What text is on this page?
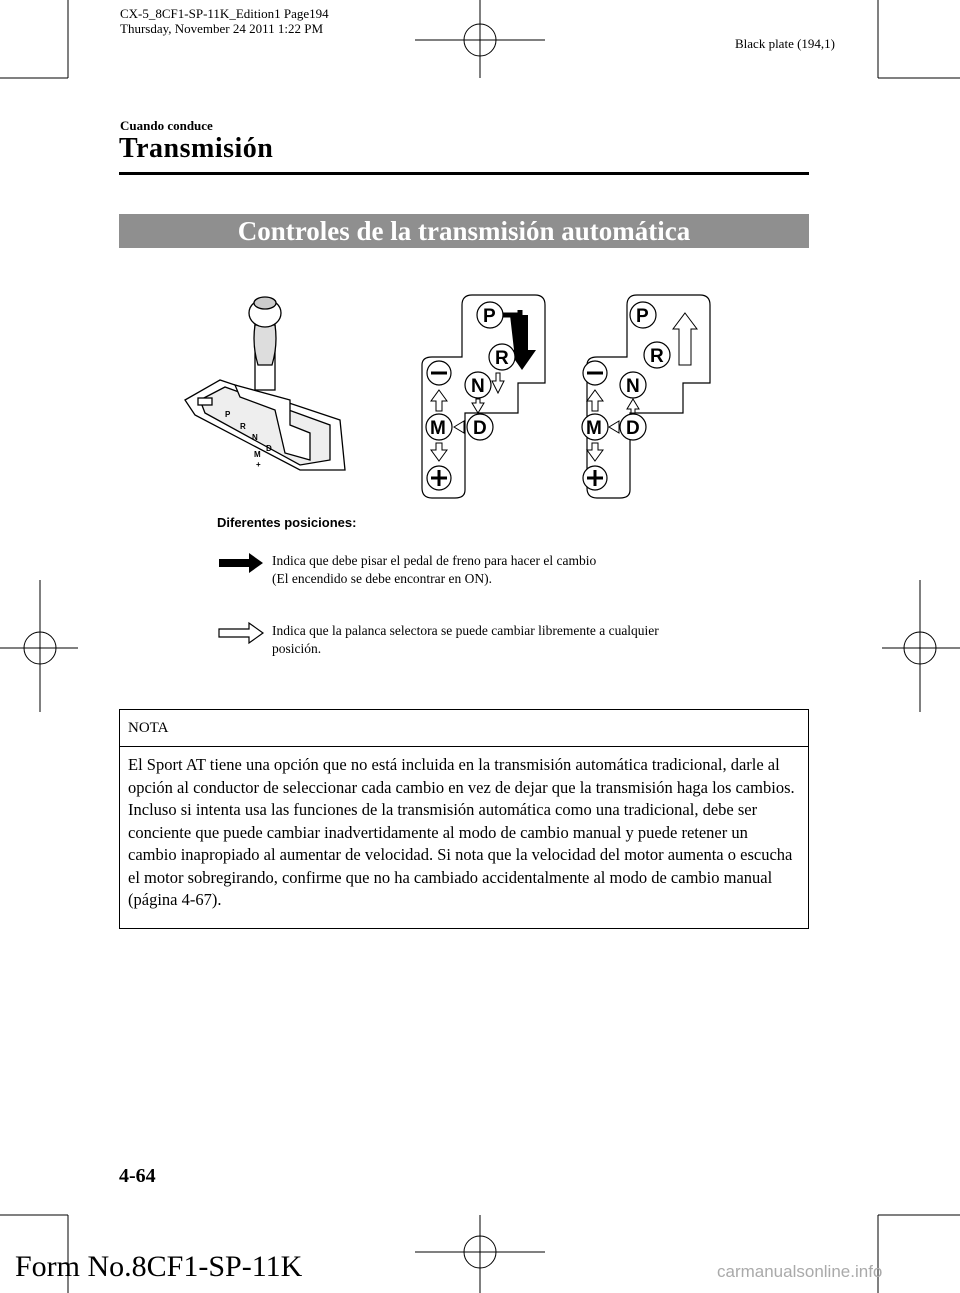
CX-5_8CF1-SP-11K_Edition1 Page194
Thursday, November 24 2011 1:22 PM
Black plate (194,1)
Cuando conduce
Transmisión
Controles de la transmisión automática
P
R
N
D
M
+
P
R
N
D
M
P
R
N
D
M
Diferentes posiciones:
Indica que debe pisar el pedal de freno para hacer el cambio
(El encendido se debe encontrar en ON).
Indica que la palanca selectora se puede cambiar libremente a cualquier
posición.
NOTA
El Sport AT tiene una opción que no está incluida en la transmisión automática tradicional, darle al opción al conductor de seleccionar cada cambio en vez de dejar que la transmisión haga los cambios. Incluso si intenta usa las funciones de la transmisión automática como una tradicional, debe ser conciente que puede cambiar inadvertidamente al modo de cambio manual y puede retener un cambio inapropiado al aumentar de velocidad. Si nota que la velocidad del motor aumenta o escucha el motor sobregirando, confirme que no ha cambiado accidentalmente al modo de cambio manual (página 4-67).
4-64
Form No.8CF1-SP-11K	carmanualsonline.info
